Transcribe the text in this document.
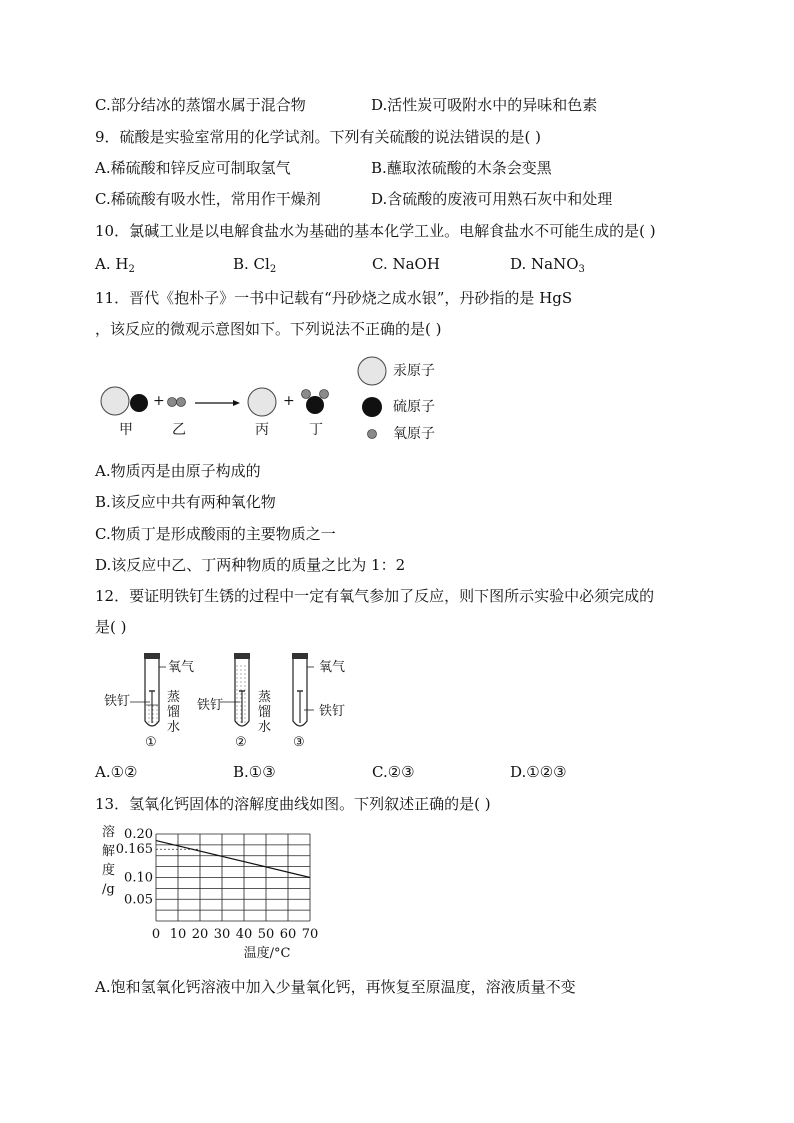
C.部分结冰的蒸馏水属于混合物	D.活性炭可吸附水中的异味和色素
9．硫酸是实验室常用的化学试剂。下列有关硫酸的说法错误的是( )
A.稀硫酸和锌反应可制取氢气	B.蘸取浓硫酸的木条会变黑
C.稀硫酸有吸水性，常用作干燥剂	D.含硫酸的废液可用熟石灰中和处理
10．氯碱工业是以电解食盐水为基础的基本化学工业。电解食盐水不可能生成的是( )
A. $H_2$	B. $Cl_2$	C. NaOH	D. NaNO$_3$
11．晋代《抱朴子》一书中记载有“丹砂烧之成水银”，丹砂指的是 HgS
，该反应的微观示意图如下。下列说法不正确的是( )
+	+
甲	乙	丙	丁
汞原子
硫原子
氧原子
A.物质丙是由原子构成的
B.该反应中共有两种氧化物
C.物质丁是形成酸雨的主要物质之一
D.该反应中乙、丁两种物质的质量之比为 1：2
12．要证明铁钉生锈的过程中一定有氧气参加了反应，则下图所示实验中必须完成的
是( )
氧气
铁钉	蒸
馏
水
①
铁钉
蒸
馏
水
②
氧气
铁钉
③
A.①②	B.①③	C.②③	D.①②③
13．氢氧化钙固体的溶解度曲线如图。下列叙述正确的是( )
溶
解
度
/g
0.20
0.165
0.10
0.05
0 10 20 30 40 50 60 70
温度/°C
A.饱和氢氧化钙溶液中加入少量氧化钙，再恢复至原温度，溶液质量不变
